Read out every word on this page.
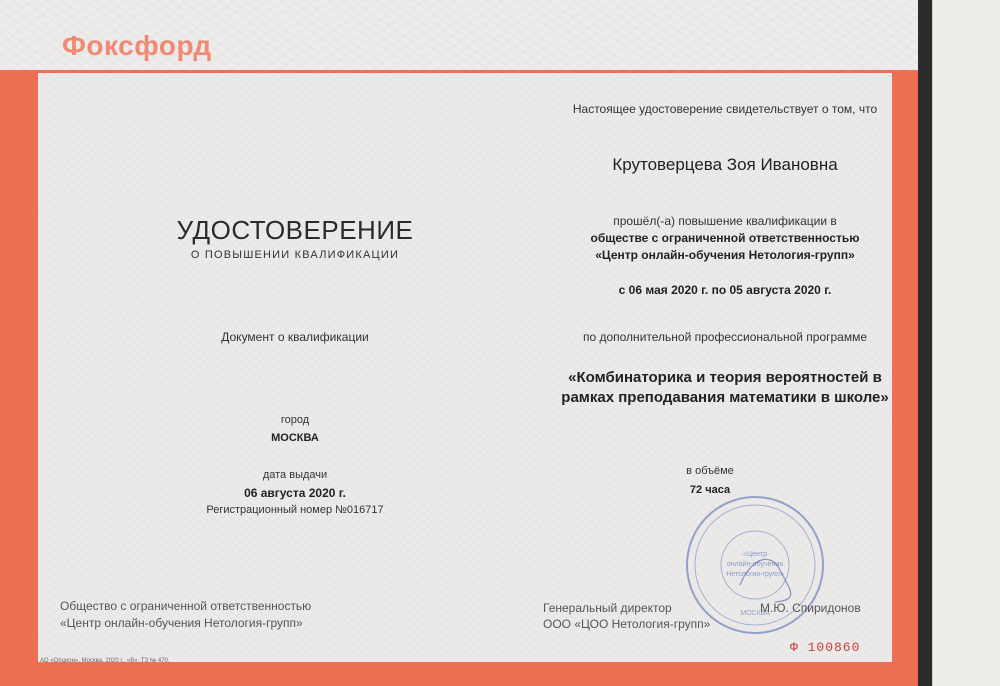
Фоксфорд
УДОСТОВЕРЕНИЕ
О ПОВЫШЕНИИ КВАЛИФИКАЦИИ
Документ о квалификации
город
МОСКВА
дата выдачи
06 августа 2020 г.
Регистрационный номер №016717
Настоящее удостоверение свидетельствует о том, что
Крутоверцева Зоя Ивановна
прошёл(-а) повышение квалификации в
обществе с ограниченной ответственностью
«Центр онлайн-обучения Нетология-групп»
с 06 мая 2020 г. по 05 августа 2020 г.
по дополнительной профессиональной программе
«Комбинаторика и теория вероятностей в рамках преподавания математики в школе»
в объёме
72 часа
«Центр
онлайн-обучения
Нетология-групп»
МОСКВА
Общество с ограниченной ответственностью
«Центр онлайн-обучения Нетология-групп»
Генеральный директор
ООО «ЦОО Нетология-групп»
М.Ю. Спиридонов
АО «Опцион», Москва, 2020 г., «В». ТЗ № 470.
Ф 100860
